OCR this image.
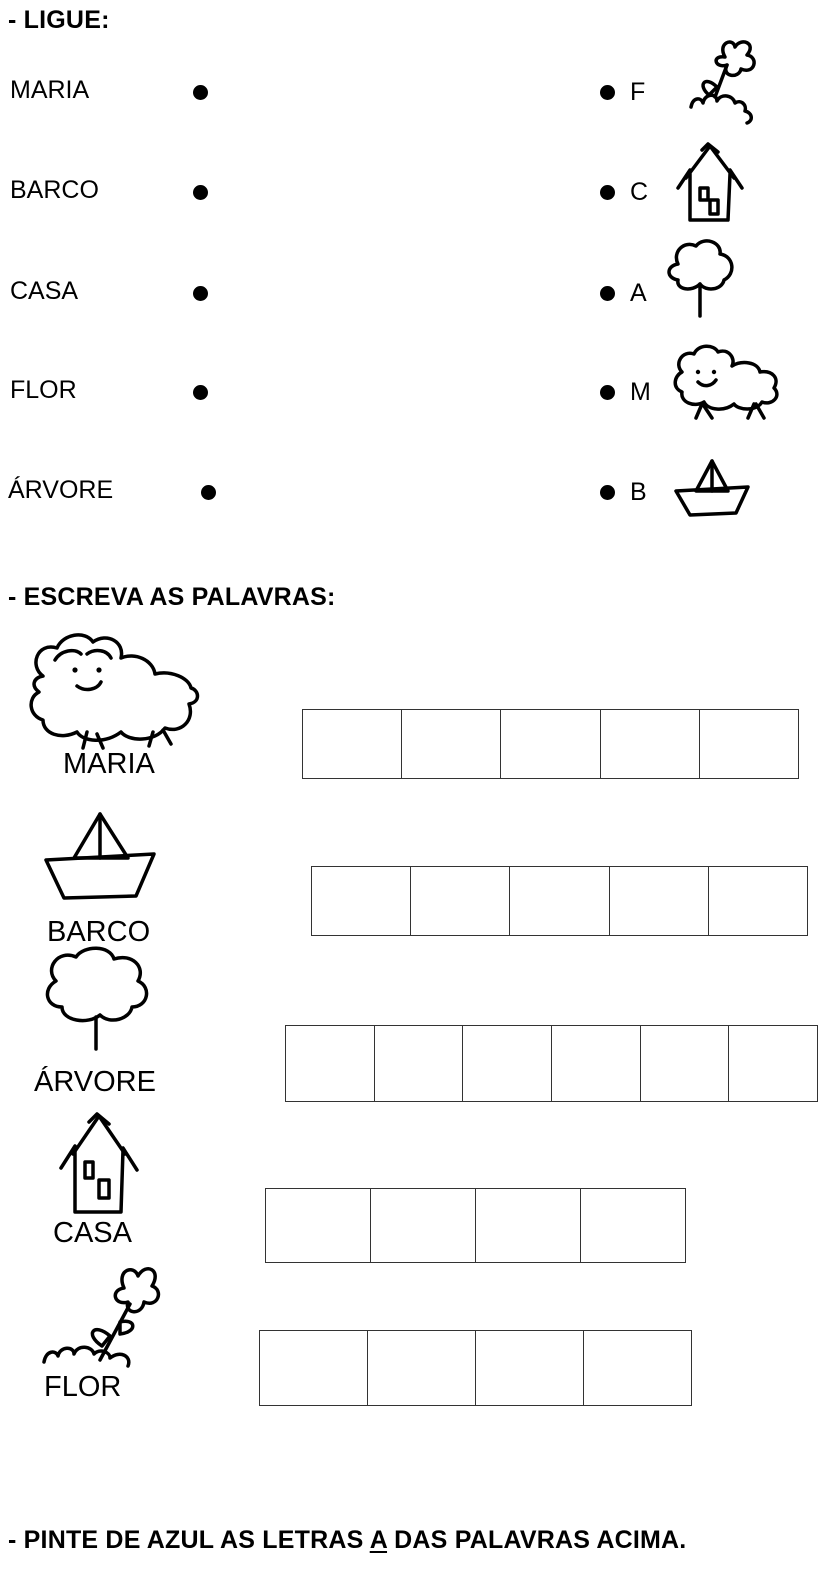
- LIGUE:
MARIA
BARCO
CASA
FLOR
ÁRVORE
F
C
A
M
B
- ESCREVA AS PALAVRAS:
MARIA
BARCO
ÁRVORE
CASA
FLOR
- PINTE DE AZUL AS LETRAS A DAS PALAVRAS ACIMA.
